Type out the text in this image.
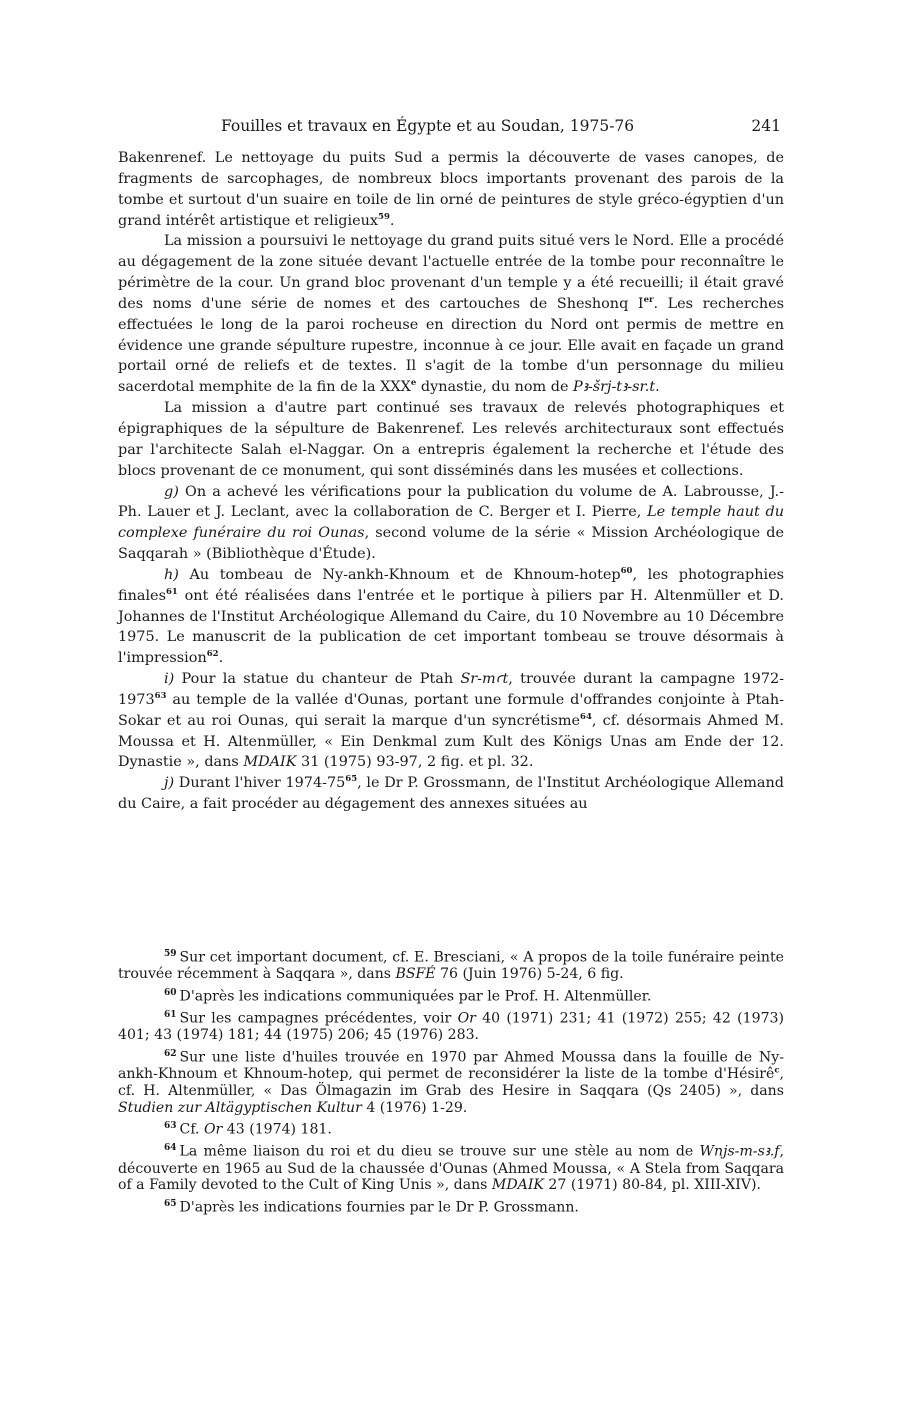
Fouilles et travaux en Égypte et au Soudan, 1975-76	241

Bakenrenef. Le nettoyage du puits Sud a permis la découverte de vases canopes, de fragments de sarcophages, de nombreux blocs importants provenant des parois de la tombe et surtout d'un suaire en toile de lin orné de peintures de style gréco-égyptien d'un grand intérêt artistique et religieux$^{59}$.

La mission a poursuivi le nettoyage du grand puits situé vers le Nord. Elle a procédé au dégagement de la zone située devant l'actuelle entrée de la tombe pour reconnaître le périmètre de la cour. Un grand bloc provenant d'un temple y a été recueilli; il était gravé des noms d'une série de nomes et des cartouches de Sheshonq Ier. Les recherches effectuées le long de la paroi rocheuse en direction du Nord ont permis de mettre en évidence une grande sépulture rupestre, inconnue à ce jour. Elle avait en façade un grand portail orné de reliefs et de textes. Il s'agit de la tombe d'un personnage du milieu sacerdotal memphite de la fin de la XXXe dynastie, du nom de Pꜣ-šrj-tꜣ-sr.t.

La mission a d'autre part continué ses travaux de relevés photographiques et épigraphiques de la sépulture de Bakenrenef. Les relevés architecturaux sont effectués par l'architecte Salah el-Naggar. On a entrepris également la recherche et l'étude des blocs provenant de ce monument, qui sont disséminés dans les musées et collections.

g) On a achevé les vérifications pour la publication du volume de A. Labrousse, J.-Ph. Lauer et J. Leclant, avec la collaboration de C. Berger et I. Pierre, Le temple haut du complexe funéraire du roi Ounas, second volume de la série « Mission Archéologique de Saqqarah » (Bibliothèque d'Étude).

h) Au tombeau de Ny-ankh-Khnoum et de Khnoum-hotep$^{60}$, les photographies finales$^{61}$ ont été réalisées dans l'entrée et le portique à piliers par H. Altenmüller et D. Johannes de l'Institut Archéologique Allemand du Caire, du 10 Novembre au 10 Décembre 1975. Le manuscrit de la publication de cet important tombeau se trouve désormais à l'impression$^{62}$.

i) Pour la statue du chanteur de Ptah Sr-mꜥt, trouvée durant la campagne 1972-1973$^{63}$ au temple de la vallée d'Ounas, portant une formule d'offrandes conjointe à Ptah-Sokar et au roi Ounas, qui serait la marque d'un syncrétisme$^{64}$, cf. désormais Ahmed M. Moussa et H. Altenmüller, « Ein Denkmal zum Kult des Königs Unas am Ende der 12. Dynastie », dans MDAIK 31 (1975) 93-97, 2 fig. et pl. 32.

j) Durant l'hiver $1974-75^{65}$, le Dr P. Grossmann, de l'Institut Archéologique Allemand du Caire, a fait procéder au dégagement des annexes situées au

$^{59}$ Sur cet important document, cf. E. Bresciani, « A propos de la toile funéraire peinte trouvée récemment à Saqqara », dans BSFÉ 76 (Juin 1976) 5-24, 6 fig.

$^{60}$ D'après les indications communiquées par le Prof. H. Altenmüller.

$^{61}$ Sur les campagnes précédentes, voir Or 40 (1971) 231; 41 (1972) 255; 42 (1973) 401; 43 (1974) 181; 44 (1975) 206; 45 (1976) 283.

$^{62}$ Sur une liste d'huiles trouvée en 1970 par Ahmed Moussa dans la fouille de Ny-ankh-Khnoum et Khnoum-hotep, qui permet de reconsidérer la liste de la tombe d'Hésirê$^c$, cf. H. Altenmüller, « Das Ölmagazin im Grab des Hesire in Saqqara (Qs 2405) », dans Studien zur Altägyptischen Kultur 4 (1976) 1-29.

$^{63}$ Cf. Or 43 (1974) 181.

$^{64}$ La même liaison du roi et du dieu se trouve sur une stèle au nom de Wnjs-m-sꜣ.f, découverte en 1965 au Sud de la chaussée d'Ounas (Ahmed Moussa, « A Stela from Saqqara of a Family devoted to the Cult of King Unis », dans MDAIK 27 (1971) 80-84, pl. XIII-XIV).

$^{65}$ D'après les indications fournies par le Dr P. Grossmann.
